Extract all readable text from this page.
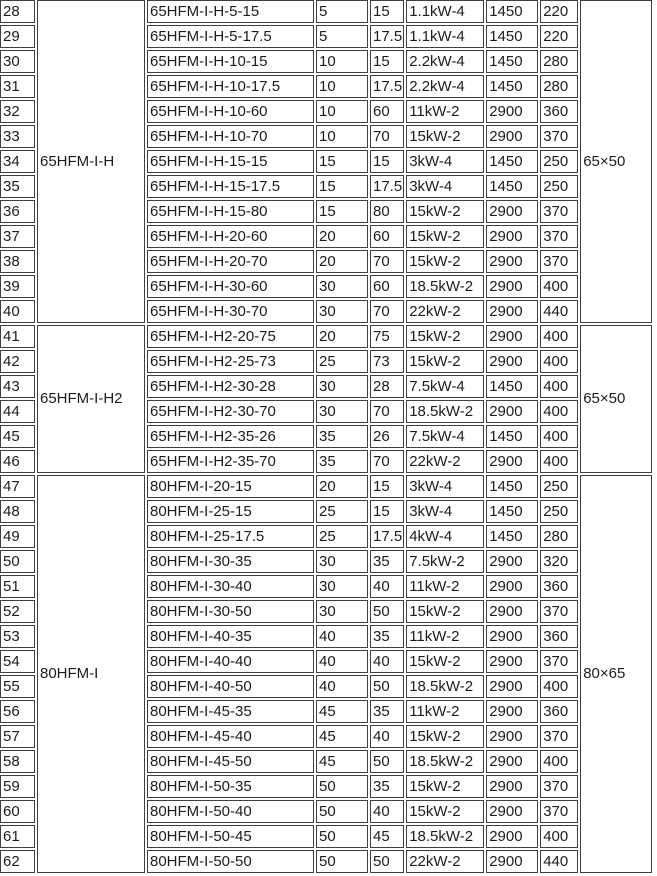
28	65HFM-I-H	65HFM-I-H-5-15	5	15	1.1kW-4	1450	220	65×50
29		65HFM-I-H-5-17.5	5	17.5	1.1kW-4	1450	220	
30		65HFM-I-H-10-15	10	15	2.2kW-4	1450	280	
31		65HFM-I-H-10-17.5	10	17.5	2.2kW-4	1450	280	
32		65HFM-I-H-10-60	10	60	11kW-2	2900	360	
33		65HFM-I-H-10-70	10	70	15kW-2	2900	370	
34		65HFM-I-H-15-15	15	15	3kW-4	1450	250	
35		65HFM-I-H-15-17.5	15	17.5	3kW-4	1450	250	
36		65HFM-I-H-15-80	15	80	15kW-2	2900	370	
37		65HFM-I-H-20-60	20	60	15kW-2	2900	370	
38		65HFM-I-H-20-70	20	70	15kW-2	2900	370	
39		65HFM-I-H-30-60	30	60	18.5kW-2	2900	400	
40		65HFM-I-H-30-70	30	70	22kW-2	2900	440	
41	65HFM-I-H2	65HFM-I-H2-20-75	20	75	15kW-2	2900	400	65×50
42		65HFM-I-H2-25-73	25	73	15kW-2	2900	400	
43		65HFM-I-H2-30-28	30	28	7.5kW-4	1450	400	
44		65HFM-I-H2-30-70	30	70	18.5kW-2	2900	400	
45		65HFM-I-H2-35-26	35	26	7.5kW-4	1450	400	
46		65HFM-I-H2-35-70	35	70	22kW-2	2900	400	
47	80HFM-I	80HFM-I-20-15	20	15	3kW-4	1450	250	80×65
48		80HFM-I-25-15	25	15	3kW-4	1450	250	
49		80HFM-I-25-17.5	25	17.5	4kW-4	1450	280	
50		80HFM-I-30-35	30	35	7.5kW-2	2900	320	
51		80HFM-I-30-40	30	40	11kW-2	2900	360	
52		80HFM-I-30-50	30	50	15kW-2	2900	370	
53		80HFM-I-40-35	40	35	11kW-2	2900	360	
54		80HFM-I-40-40	40	40	15kW-2	2900	370	
55		80HFM-I-40-50	40	50	18.5kW-2	2900	400	
56		80HFM-I-45-35	45	35	11kW-2	2900	360	
57		80HFM-I-45-40	45	40	15kW-2	2900	370	
58		80HFM-I-45-50	45	50	18.5kW-2	2900	400	
59		80HFM-I-50-35	50	35	15kW-2	2900	370	
60		80HFM-I-50-40	50	40	15kW-2	2900	370	
61		80HFM-I-50-45	50	45	18.5kW-2	2900	400	
62		80HFM-I-50-50	50	50	22kW-2	2900	440	
